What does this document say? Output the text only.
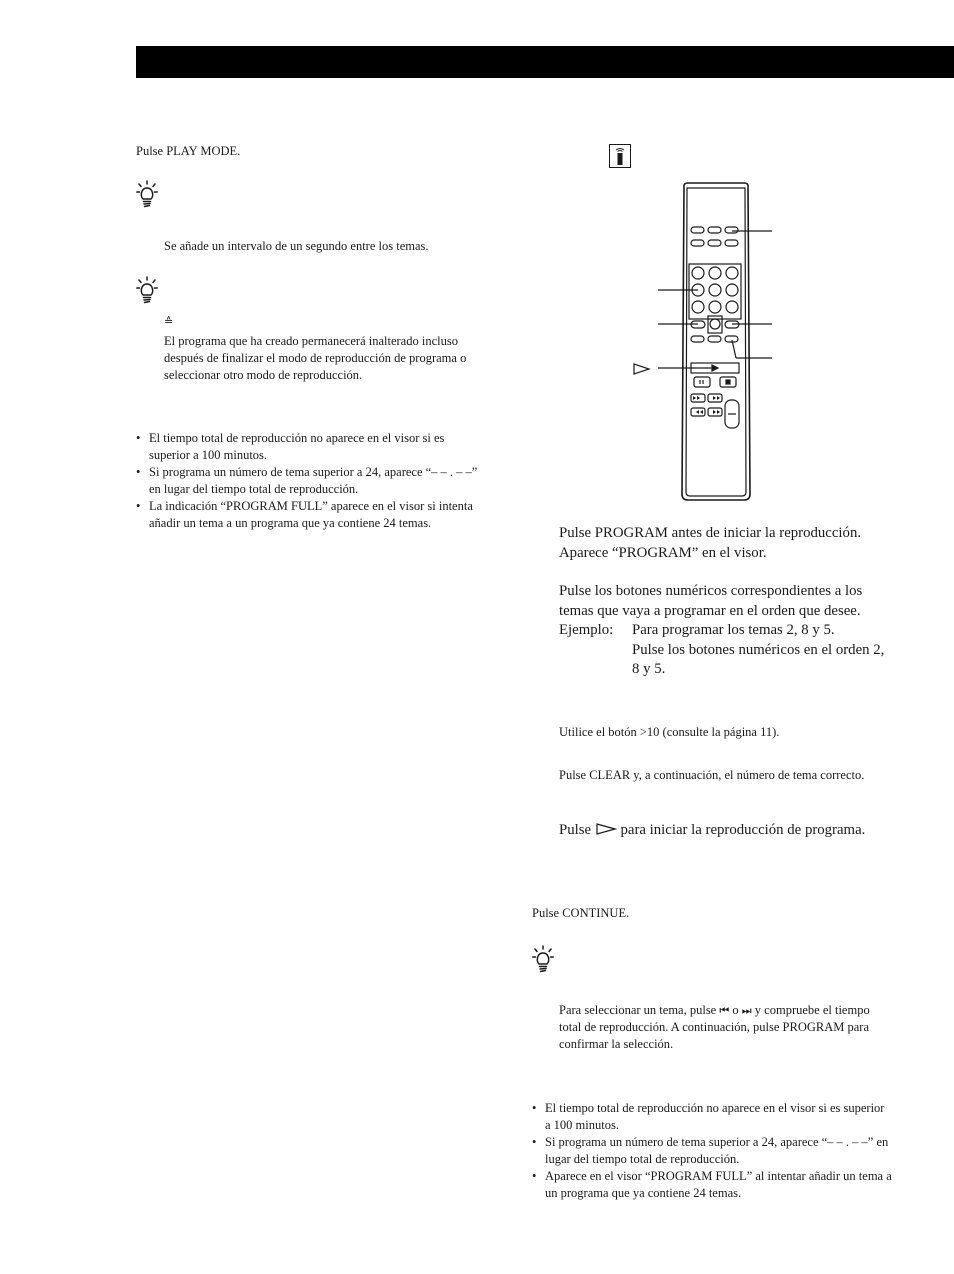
Pulse PLAY MODE.
Se añade un intervalo de un segundo entre los temas.
≙
El programa que ha creado permanecerá inalterado incluso después de finalizar el modo de reproducción de programa o seleccionar otro modo de reproducción.
• El tiempo total de reproducción no aparece en el visor si es superior a 100 minutos.
• Si programa un número de tema superior a 24, aparece “– – . – –” en lugar del tiempo total de reproducción.
• La indicación “PROGRAM FULL” aparece en el visor si intenta añadir un tema a un programa que ya contiene 24 temas.
Pulse PROGRAM antes de iniciar la reproducción. Aparece “PROGRAM” en el visor.
Pulse los botones numéricos correspondientes a los temas que vaya a programar en el orden que desee.
Ejemplo:	Para programar los temas 2, 8 y 5.
Pulse los botones numéricos en el orden 2, 8 y 5.
Utilice el botón >10 (consulte la página 11).
Pulse CLEAR y, a continuación, el número de tema correcto.
Pulse para iniciar la reproducción de programa.
Pulse CONTINUE.
Para seleccionar un tema, pulse ⏮ o ⏭ y compruebe el tiempo total de reproducción. A continuación, pulse PROGRAM para confirmar la selección.
• El tiempo total de reproducción no aparece en el visor si es superior a 100 minutos.
• Si programa un número de tema superior a 24, aparece “– – . – –” en lugar del tiempo total de reproducción.
• Aparece en el visor “PROGRAM FULL” al intentar añadir un tema a un programa que ya contiene 24 temas.
